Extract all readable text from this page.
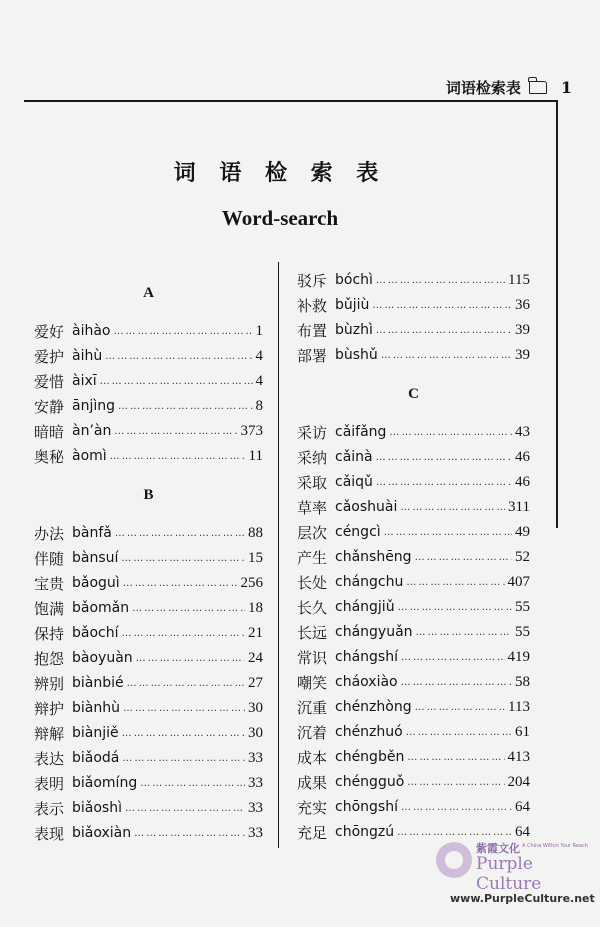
词语检索表	1
词 语 检 索 表
Word-search
A
爱好 àihào ………………………………………………………………………………	1
爱护 àihù ………………………………………………………………………………	4
爱惜 àixī ………………………………………………………………………………	4
安静 ānjìng ………………………………………………………………………………	8
暗暗 àn’àn ………………………………………………………………………………	373
奥秘 àomì ………………………………………………………………………………	11
B
办法 bànfǎ ………………………………………………………………………………	88
伴随 bànsuí ………………………………………………………………………………	15
宝贵 bǎoguì ………………………………………………………………………………	256
饱满 bǎomǎn ………………………………………………………………………………	18
保持 bǎochí ………………………………………………………………………………	21
抱怨 bàoyuàn ………………………………………………………………………………	24
辨别 biànbié ………………………………………………………………………………	27
辩护 biànhù ………………………………………………………………………………	30
辩解 biànjiě ………………………………………………………………………………	30
表达 biǎodá ………………………………………………………………………………	33
表明 biǎomíng ………………………………………………………………………………	33
表示 biǎoshì ………………………………………………………………………………	33
表现 biǎoxiàn ………………………………………………………………………………	33
驳斥 bóchì ………………………………………………………………………………	115
补救 bǔjiù ………………………………………………………………………………	36
布置 bùzhì ………………………………………………………………………………	39
部署 bùshǔ ………………………………………………………………………………	39
C
采访 cǎifǎng ………………………………………………………………………………	43
采纳 cǎinà ………………………………………………………………………………	46
采取 cǎiqǔ ………………………………………………………………………………	46
草率 cǎoshuài ………………………………………………………………………………	311
层次 céngcì ………………………………………………………………………………	49
产生 chǎnshēng ………………………………………………………………………………	52
长处 chángchu ………………………………………………………………………………	407
长久 chángjiǔ ………………………………………………………………………………	55
长远 chángyuǎn ………………………………………………………………………………	55
常识 chángshí ………………………………………………………………………………	419
嘲笑 cháoxiào ………………………………………………………………………………	58
沉重 chénzhòng ………………………………………………………………………………	113
沉着 chénzhuó ………………………………………………………………………………	61
成本 chéngběn ………………………………………………………………………………	413
成果 chéngguǒ ………………………………………………………………………………	204
充实 chōngshí ………………………………………………………………………………	64
充足 chōngzú ………………………………………………………………………………	64
紫霞文化 A China Within Your Reach
Purple Culture
www.PurpleCulture.net
